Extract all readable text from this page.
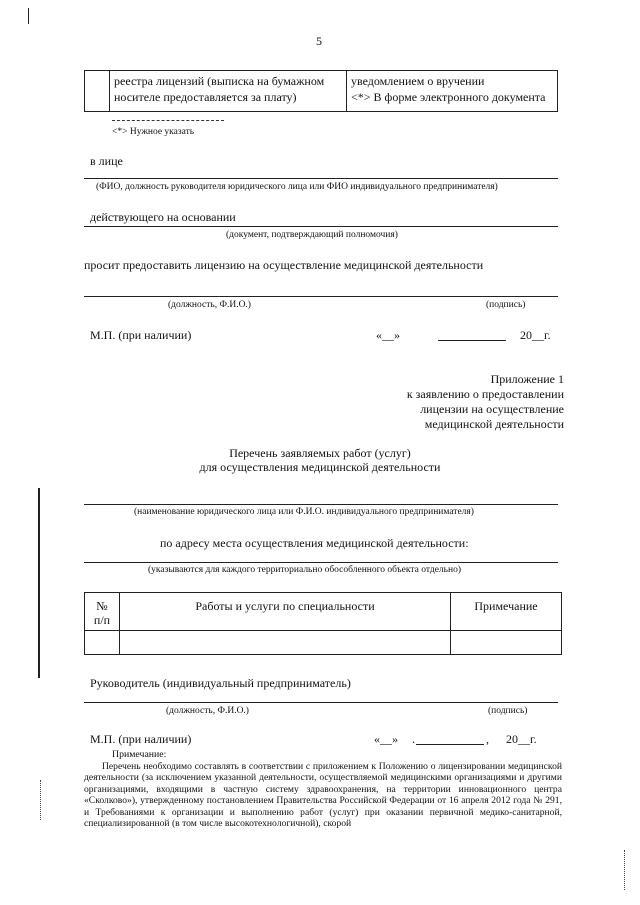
5

реестра лицензий (выписка на бумажном
носителе предоставляется за плату)

уведомлением о вручении
<*> В форме электронного документа
<*> Нужное указать
в лице
(ФИО, должность руководителя юридического лица или ФИО индивидуального предпринимателя)
действующего на основании
(документ, подтверждающий полномочия)
просит предоставить лицензию на осуществление медицинской деятельности
(должность, Ф.И.О.)	(подпись)
М.П. (при наличии)	«__»	20__г.
Приложение 1
к заявлению о предоставлении
лицензии на осуществление
медицинской деятельности
Перечень заявляемых работ (услуг)
для осуществления медицинской деятельности
(наименование юридического лица или Ф.И.О. индивидуального предпринимателя)
по адресу места осуществления медицинской деятельности:
(указываются для каждого территориально обособленного объекта отдельно)
№
п/п	Работы и услуги по специальности	Примечание

Руководитель (индивидуальный предприниматель)
(должность, Ф.И.О.)	(подпись)
М.П. (при наличии)	«__» .	, 20__г.
Примечание:
Перечень необходимо составлять в соответствии с приложением к Положению о лицензировании медицинской деятельности (за исключением указанной деятельности, осуществляемой медицинскими организациями и другими организациями, входящими в частную систему здравоохранения, на территории инновационного центра «Сколково»), утвержденному постановлением Правительства Российской Федерации от 16 апреля 2012 года № 291, и Требованиями к организации и выполнению работ (услуг) при оказании первичной медико-санитарной, специализированной (в том числе высокотехнологичной), скорой
